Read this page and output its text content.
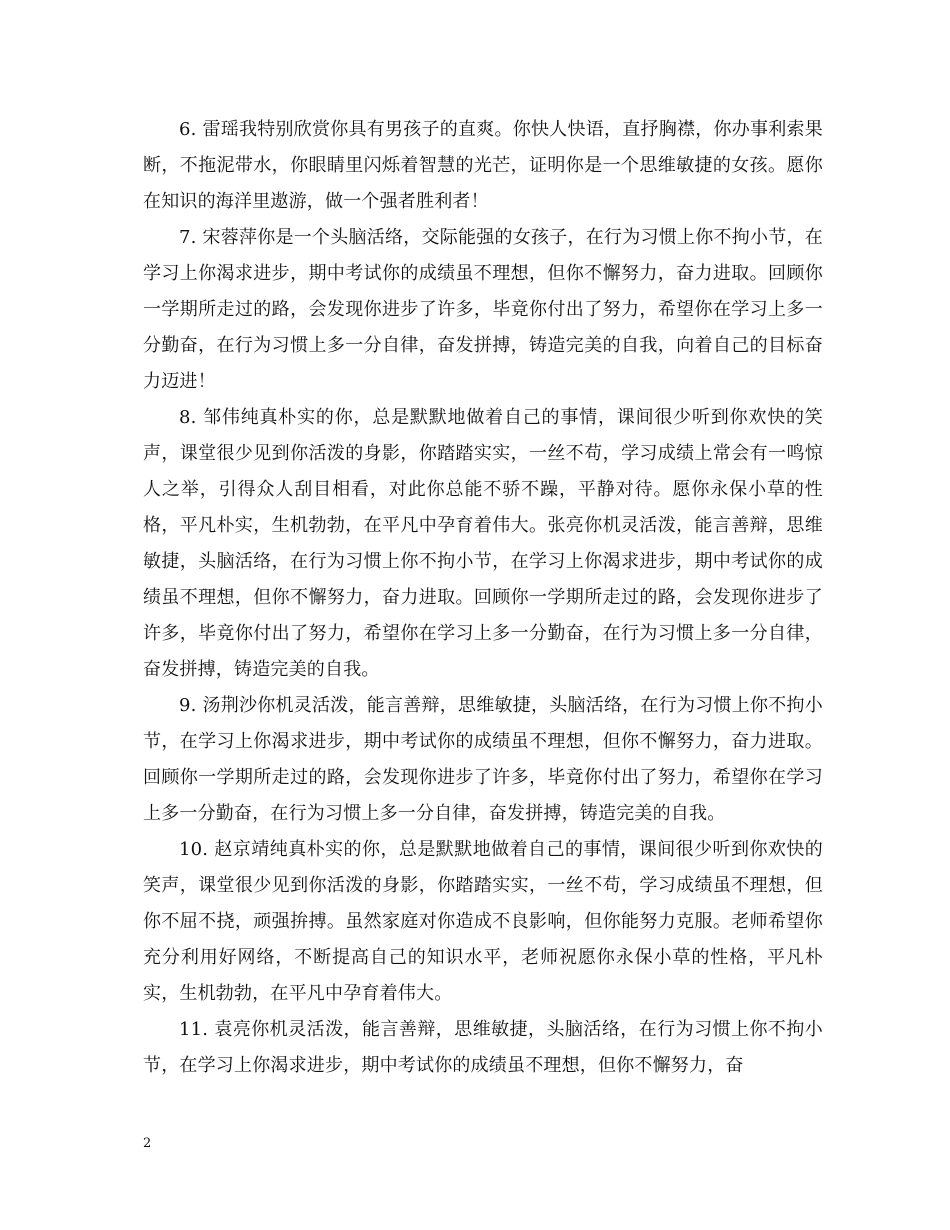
6. 雷瑶我特别欣赏你具有男孩子的直爽。你快人快语，直抒胸襟，你办事利索果断，不拖泥带水，你眼睛里闪烁着智慧的光芒，证明你是一个思维敏捷的女孩。愿你在知识的海洋里遨游，做一个强者胜利者！

7. 宋蓉萍你是一个头脑活络，交际能强的女孩子，在行为习惯上你不拘小节，在学习上你渴求进步，期中考试你的成绩虽不理想，但你不懈努力，奋力进取。回顾你一学期所走过的路，会发现你进步了许多，毕竟你付出了努力，希望你在学习上多一分勤奋，在行为习惯上多一分自律，奋发拼搏，铸造完美的自我，向着自己的目标奋力迈进！

8. 邹伟纯真朴实的你，总是默默地做着自己的事情，课间很少听到你欢快的笑声，课堂很少见到你活泼的身影，你踏踏实实，一丝不苟，学习成绩上常会有一鸣惊人之举，引得众人刮目相看，对此你总能不骄不躁，平静对待。愿你永保小草的性格，平凡朴实，生机勃勃，在平凡中孕育着伟大。张亮你机灵活泼，能言善辩，思维敏捷，头脑活络，在行为习惯上你不拘小节，在学习上你渴求进步，期中考试你的成绩虽不理想，但你不懈努力，奋力进取。回顾你一学期所走过的路，会发现你进步了许多，毕竟你付出了努力，希望你在学习上多一分勤奋，在行为习惯上多一分自律，奋发拼搏，铸造完美的自我。

9. 汤荆沙你机灵活泼，能言善辩，思维敏捷，头脑活络，在行为习惯上你不拘小节，在学习上你渴求进步，期中考试你的成绩虽不理想，但你不懈努力，奋力进取。回顾你一学期所走过的路，会发现你进步了许多，毕竟你付出了努力，希望你在学习上多一分勤奋，在行为习惯上多一分自律，奋发拼搏，铸造完美的自我。

10. 赵京靖纯真朴实的你，总是默默地做着自己的事情，课间很少听到你欢快的笑声，课堂很少见到你活泼的身影，你踏踏实实，一丝不苟，学习成绩虽不理想，但你不屈不挠，顽强拚搏。虽然家庭对你造成不良影响，但你能努力克服。老师希望你充分利用好网络，不断提高自己的知识水平，老师祝愿你永保小草的性格，平凡朴实，生机勃勃，在平凡中孕育着伟大。

11. 袁亮你机灵活泼，能言善辩，思维敏捷，头脑活络，在行为习惯上你不拘小节，在学习上你渴求进步，期中考试你的成绩虽不理想，但你不懈努力，奋

2
